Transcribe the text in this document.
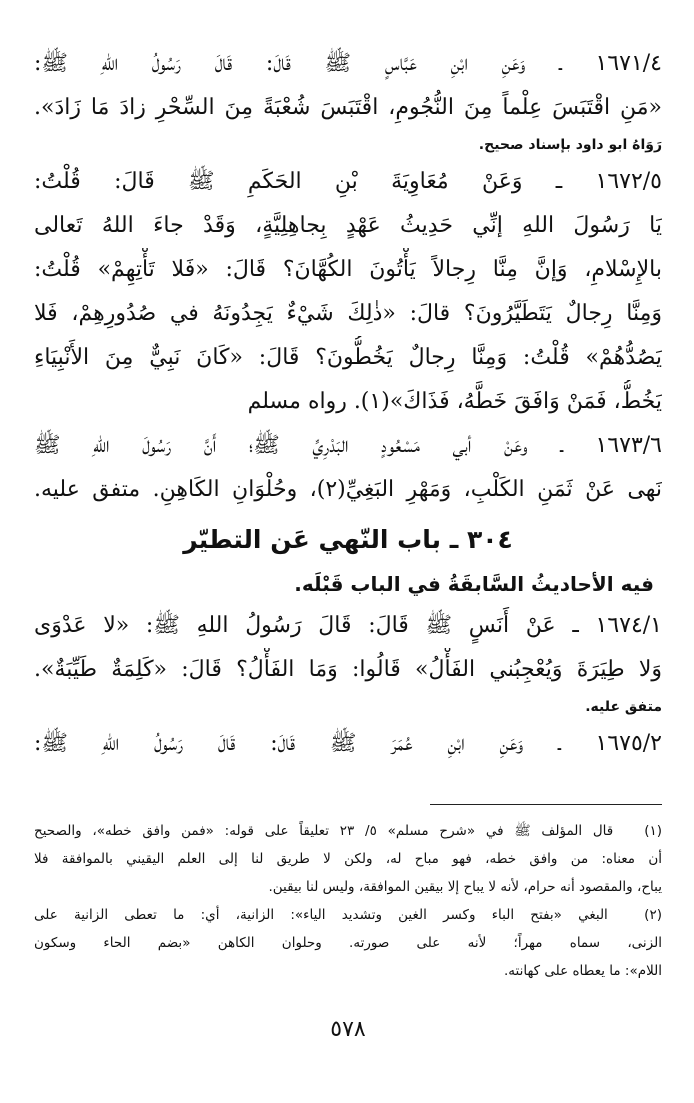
١٦٧١/٤ ـ وَعَنِ ابْنِ عَبَّاسٍ ﷺ قَالَ: قَالَ رَسُولُ اللهِ ﷺ:
«مَنِ اقْتَبَسَ عِلْماً مِنَ النُّجُومِ، اقْتَبَسَ شُعْبَةً مِنَ السِّحْرِ زادَ مَا زَادَ».
رَوَاهُ ابو داود بإسناد صحيح.
١٦٧٢/٥ ـ وَعَنْ مُعَاوِيَةَ بْنِ الحَكَمِ ﷺ قَالَ: قُلْتُ:
يَا رَسُولَ اللهِ إنِّي حَدِيثُ عَهْدٍ بِجاهِلِيَّةٍ، وَقَدْ جاءَ اللهُ تَعالى
بالإِسْلامِ، وَإنَّ مِنَّا رِجالاً يَأْتُونَ الكُهَّانَ؟ قَالَ: «فَلا تَأْتِهِمْ» قُلْتُ:
وَمِنَّا رِجالٌ يَتَطَيَّرُونَ؟ قالَ: «ذٰلِكَ شَيْءٌ يَجِدُونَهُ في صُدُورِهِمْ، فَلا
يَصُدُّهُمْ» قُلْتُ: وَمِنَّا رِجالٌ يَخُطُّونَ؟ قَالَ: «كَانَ نَبِيٌّ مِنَ الأَنْبِيَاءِ
يَخُطُّ، فَمَنْ وَافَقَ خَطَّهُ، فَذَاكَ»(١). رواه مسلم
١٦٧٣/٦ ـ وعَنْ أبي مَسْعُودٍ البَدْرِيِّ ﷺ؛ أَنَّ رَسُولَ اللهِ ﷺ
نَهى عَنْ ثَمَنِ الكَلْبِ، وَمَهْرِ البَغِيِّ(٢)، وحُلْوَانِ الكَاهِنِ. متفق عليه.
٣٠٤ ـ باب النّهي عَن التطيّر
فيه الأحاديثُ السَّابقَةُ في الباب قَبْلَه.
١٦٧٤/١ ـ عَنْ أَنَسٍ ﷺ قَالَ: قَالَ رَسُولُ اللهِ ﷺ: «لا عَدْوَى
وَلا طِيَرَةَ وَيُعْجِبُني الفَأْلُ» قَالُوا: وَمَا الفَأْلُ؟ قَالَ: «كَلِمَةٌ طَيِّبَةٌ».
متفق عليه.
١٦٧٥/٢ ـ وَعَنِ ابْنِ عُمَرَ ﷺ قَالَ: قَالَ رَسُولُ اللهِ ﷺ:
(١) قال المؤلف ﷺ في «شرح مسلم» ٥/ ٢٣ تعليقاً على قوله: «فمن وافق خطه»، والصحيح
أن معناه: من وافق خطه، فهو مباح له، ولكن لا طريق لنا إلى العلم اليقيني بالموافقة فلا
يباح، والمقصود أنه حرام، لأنه لا يباح إلا بيقين الموافقة، وليس لنا بيقين.
(٢) البغي «بفتح الباء وكسر الغين وتشديد الياء»: الزانية، أي: ما تعطى الزانية على
الزنى، سماه مهراً؛ لأنه على صورته. وحلوان الكاهن «بضم الحاء وسكون
اللام»: ما يعطاه على كهانته.
٥٧٨
